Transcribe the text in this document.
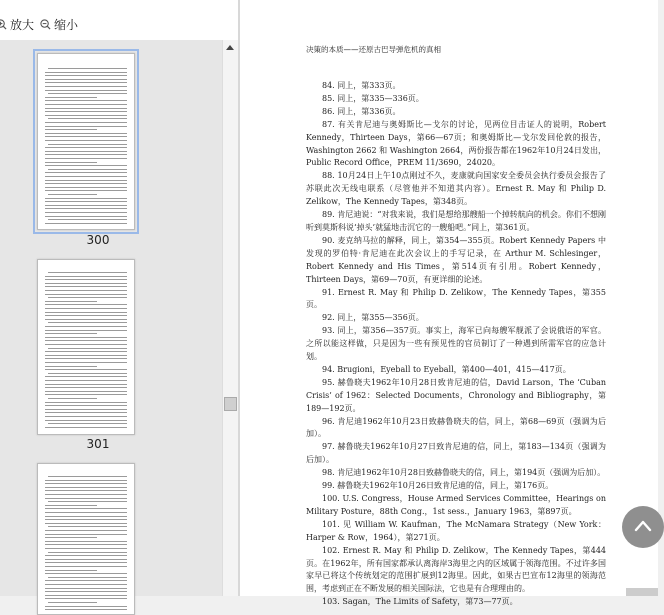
放大 缩小
300
301
决策的本质——还原古巴导弹危机的真相

84. 同上，第333页。

85. 同上，第335—336页。

86. 同上，第336页。

87. 有关肯尼迪与奥姆斯比—戈尔的讨论，见两位目击证人的说明，Robert Kennedy，Thirteen Days，第66—67页；和奥姆斯比—戈尔发回伦敦的报告，Washington 2662 和 Washington 2664，两份报告都在1962年10月24日发出，Public Record Office，PREM 11/3690，24020。

88. 10月24日上午10点刚过不久，麦康就向国家安全委员会执行委员会报告了苏联此次无线电联系（尽管他并不知道其内容）。Ernest R. May 和 Philip D. Zelikow，The Kennedy Tapes，第348页。

89. 肯尼迪说：“对我来说，我们是想给那艘船一个掉转航向的机会。你们不想刚听到莫斯科说‘掉头’就猛地击沉它的一艘船吧。”同上，第361页。

90. 麦克纳马拉的解释，同上，第354—355页。Robert Kennedy Papers 中发现的罗伯特·肯尼迪在此次会议上的手写记录，在 Arthur M. Schlesinger，Robert Kennedy and His Times，第514页有引用。Robert Kennedy，Thirteen Days，第69—70页，有更详细的论述。

91. Ernest R. May 和 Philip D. Zelikow，The Kennedy Tapes，第355页。

92. 同上，第355—356页。

93. 同上，第356—357页。事实上，海军已向每艘军舰派了会说俄语的军官。之所以能这样做，只是因为一些有预见性的官员制订了一种遇到所需军官的应急计划。

94. Brugioni，Eyeball to Eyeball，第400—401，415—417页。

95. 赫鲁晓夫1962年10月28日致肯尼迪的信，David Larson，The ‘Cuban Crisis’ of 1962：Selected Documents，Chronology and Bibliography，第189—192页。

96. 肯尼迪1962年10月23日致赫鲁晓夫的信，同上，第68—69页（强调为后加）。

97. 赫鲁晓夫1962年10月27日致肯尼迪的信，同上，第183—134页（强调为后加）。

98. 肯尼迪1962年10月28日致赫鲁晓夫的信，同上，第194页（强调为后加）。

99. 赫鲁晓夫1962年10月26日致肯尼迪的信，同上，第176页。

100. U.S. Congress，House Armed Services Committee，Hearings on Military Posture，88th Cong.，1st sess.，January 1963，第897页。

101. 见 William W. Kaufman，The McNamara Strategy（New York：Harper & Row，1964），第271页。

102. Ernest R. May 和 Philip D. Zelikow，The Kennedy Tapes，第444页。在1962年，所有国家都承认离海岸3海里之内的区域属于领海范围。不过许多国家早已将这个传统划定的范围扩展到12海里。因此，如果古巴宣布12海里的领海范围，考虑到正在不断发展的相关国际法，它也是有合理理由的。

103. Sagan，The Limits of Safety，第73—77页。
